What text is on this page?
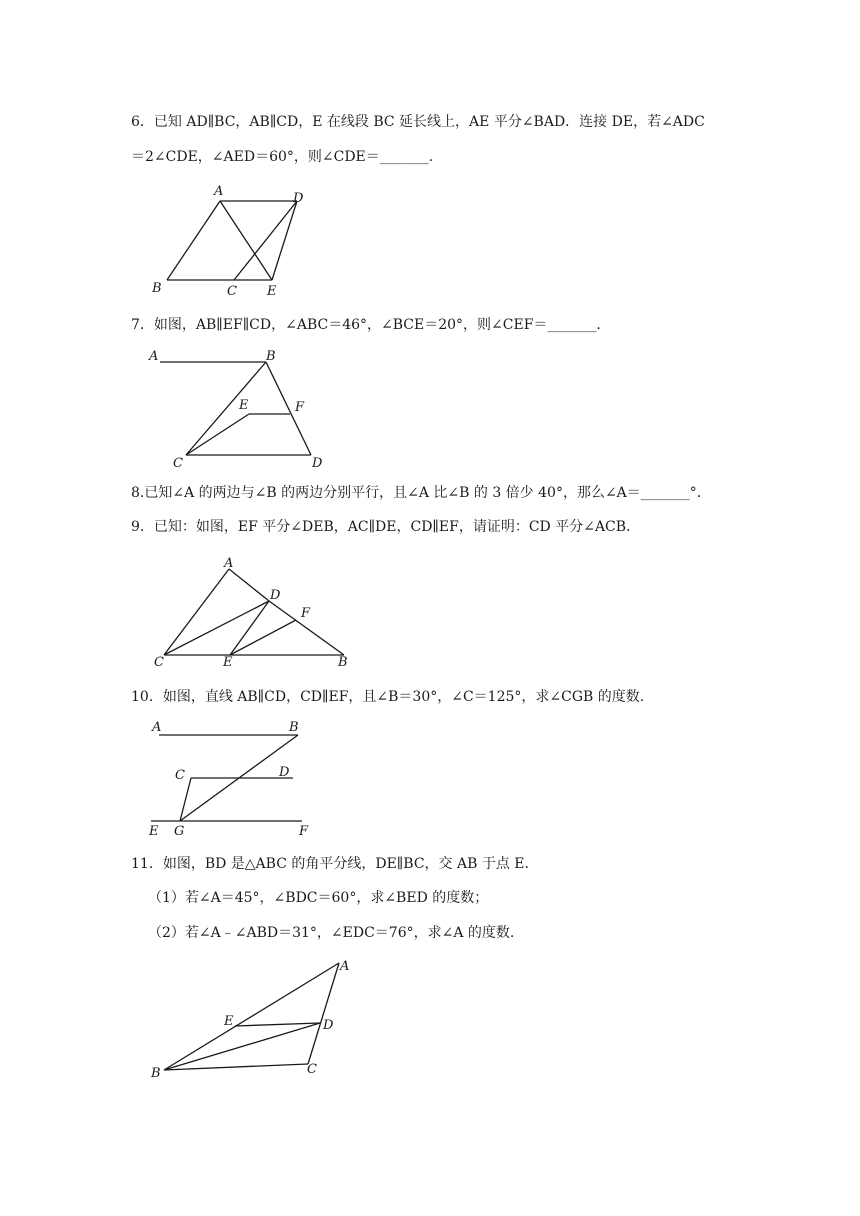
6．已知 AD∥BC，AB∥CD，E 在线段 BC 延长线上，AE 平分∠BAD．连接 DE，若∠ADC
＝2∠CDE，∠AED＝60°，则∠CDE＝_______.
A	D
B	C E
7．如图，AB∥EF∥CD，∠ABC＝46°，∠BCE＝20°，则∠CEF＝_______.
A	B
E	F
C	D
8.已知∠A 的两边与∠B 的两边分别平行，且∠A 比∠B 的 3 倍少 40°，那么∠A＝_______°．
9．已知：如图，EF 平分∠DEB，AC∥DE，CD∥EF，请证明：CD 平分∠ACB.
A
D
F
C	E	B
10．如图，直线 AB∥CD，CD∥EF，且∠B＝30°，∠C＝125°，求∠CGB 的度数.
A	B
C	D
E G	F
11．如图，BD 是△ABC 的角平分线，DE∥BC，交 AB 于点 E.
（1）若∠A＝45°，∠BDC＝60°，求∠BED 的度数；
（2）若∠A﹣∠ABD＝31°，∠EDC＝76°，求∠A 的度数.
A
E	D
B	C
